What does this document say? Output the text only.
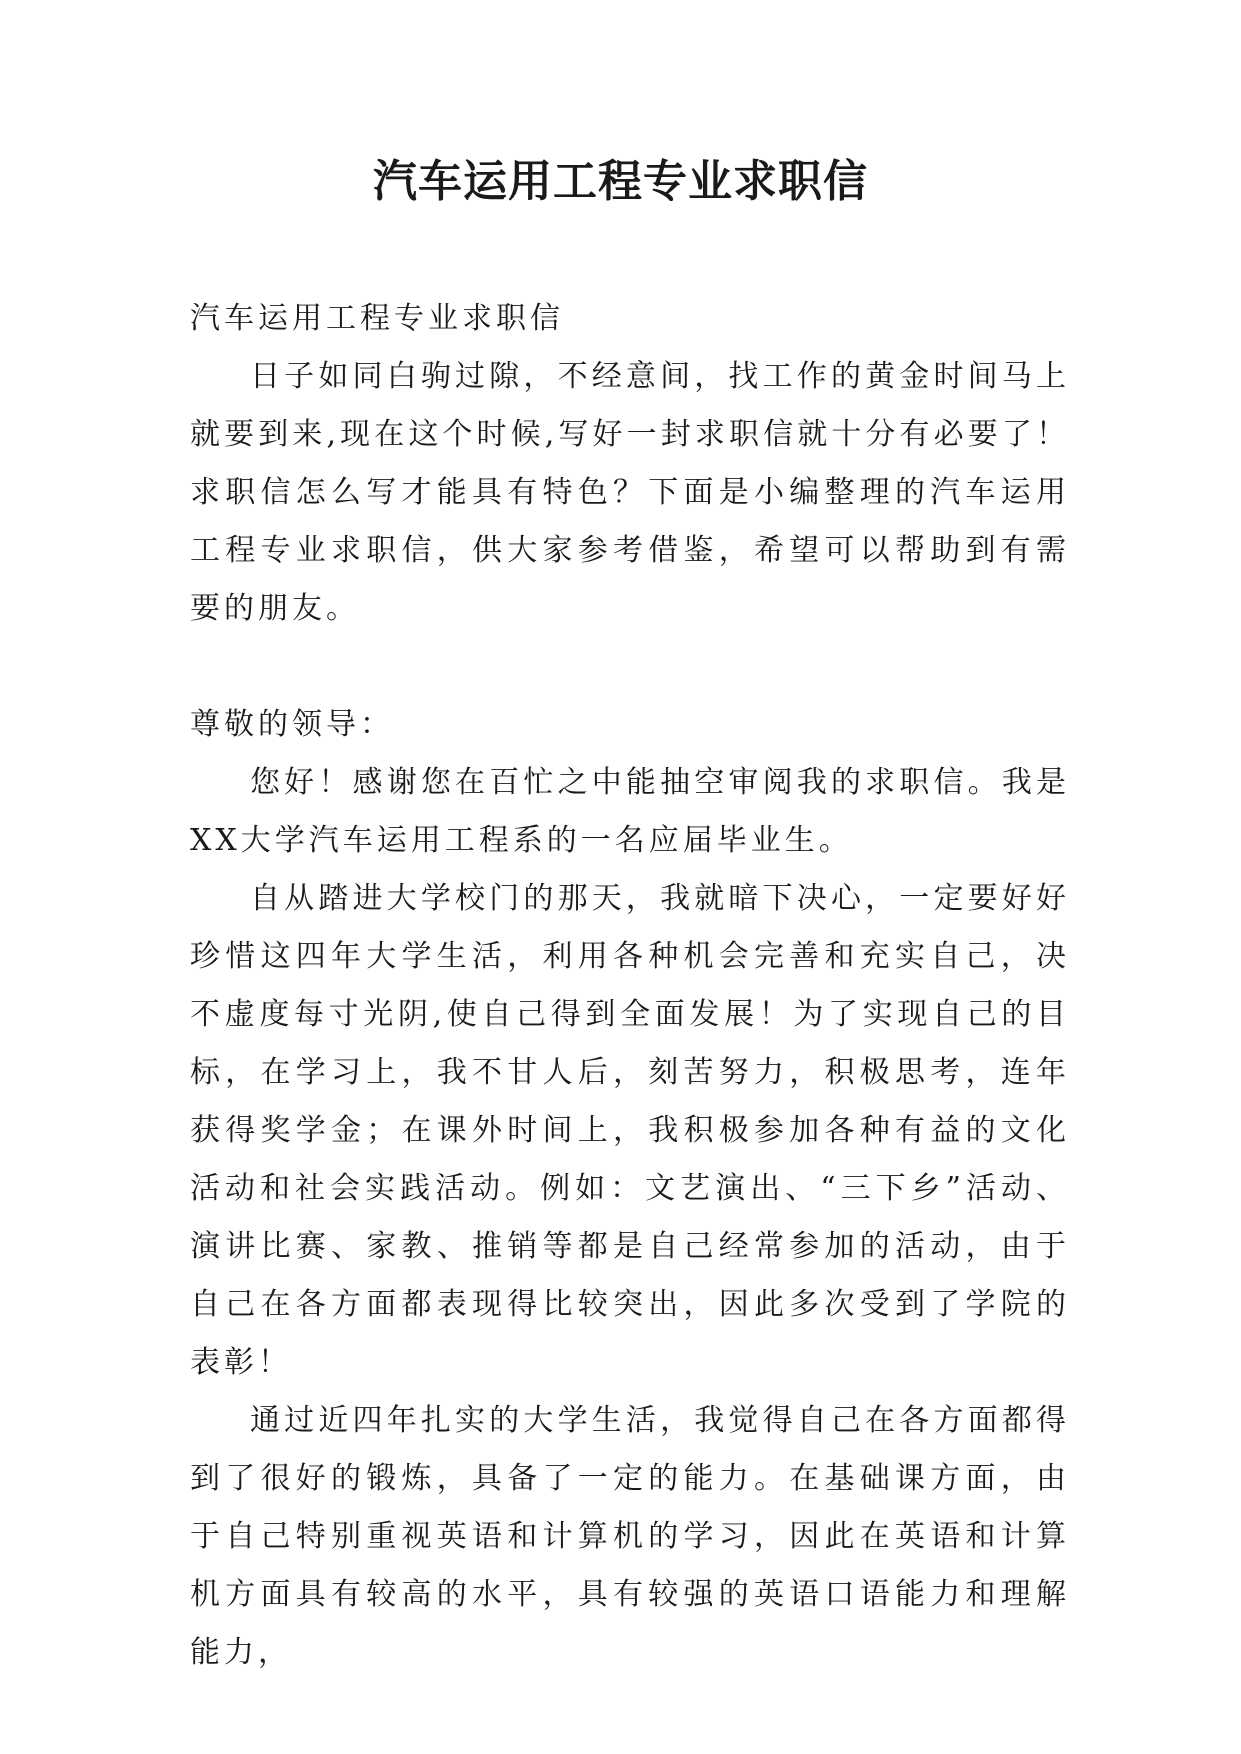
汽车运用工程专业求职信

汽车运用工程专业求职信

日子如同白驹过隙，不经意间，找工作的黄金时间马上就要到来,现在这个时候,写好一封求职信就十分有必要了！求职信怎么写才能具有特色？下面是小编整理的汽车运用工程专业求职信，供大家参考借鉴，希望可以帮助到有需要的朋友。

尊敬的领导：

您好！感谢您在百忙之中能抽空审阅我的求职信。我是XX大学汽车运用工程系的一名应届毕业生。

自从踏进大学校门的那天，我就暗下决心，一定要好好珍惜这四年大学生活，利用各种机会完善和充实自己，决不虚度每寸光阴,使自己得到全面发展！为了实现自己的目标，在学习上，我不甘人后，刻苦努力，积极思考，连年获得奖学金；在课外时间上，我积极参加各种有益的文化活动和社会实践活动。例如：文艺演出、“三下乡”活动、演讲比赛、家教、推销等都是自己经常参加的活动，由于自己在各方面都表现得比较突出，因此多次受到了学院的表彰！

通过近四年扎实的大学生活，我觉得自己在各方面都得到了很好的锻炼，具备了一定的能力。在基础课方面，由于自己特别重视英语和计算机的学习，因此在英语和计算机方面具有较高的水平，具有较强的英语口语能力和理解能力，
